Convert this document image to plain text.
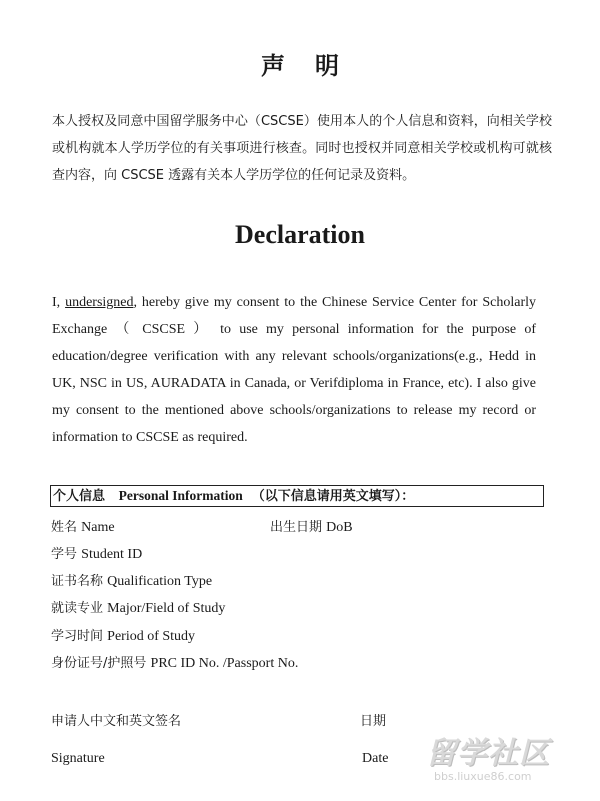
声明
本人授权及同意中国留学服务中心（CSCSE）使用本人的个人信息和资料，向相关学校或机构就本人学历学位的有关事项进行核查。同时也授权并同意相关学校或机构可就核查内容，向 CSCSE 透露有关本人学历学位的任何记录及资料。
Declaration
I, undersigned, hereby give my consent to the Chinese Service Center for Scholarly Exchange （ CSCSE ） to use my personal information for the purpose of education/degree verification with any relevant schools/organizations(e.g., Hedd in UK, NSC in US, AURADATA in Canada, or Verifdiploma in France, etc). I also give my consent to the mentioned above schools/organizations to release my record or information to CSCSE as required.
个人信息 Personal Information （以下信息请用英文填写）：
姓名 Name	出生日期 DoB
学号 Student ID
证书名称 Qualification Type
就读专业 Major/Field of Study
学习时间 Period of Study
身份证号/护照号 PRC ID No. /Passport No.
申请人中文和英文签名	日期
Signature	Date 留学社区
bbs.liuxue86.com
